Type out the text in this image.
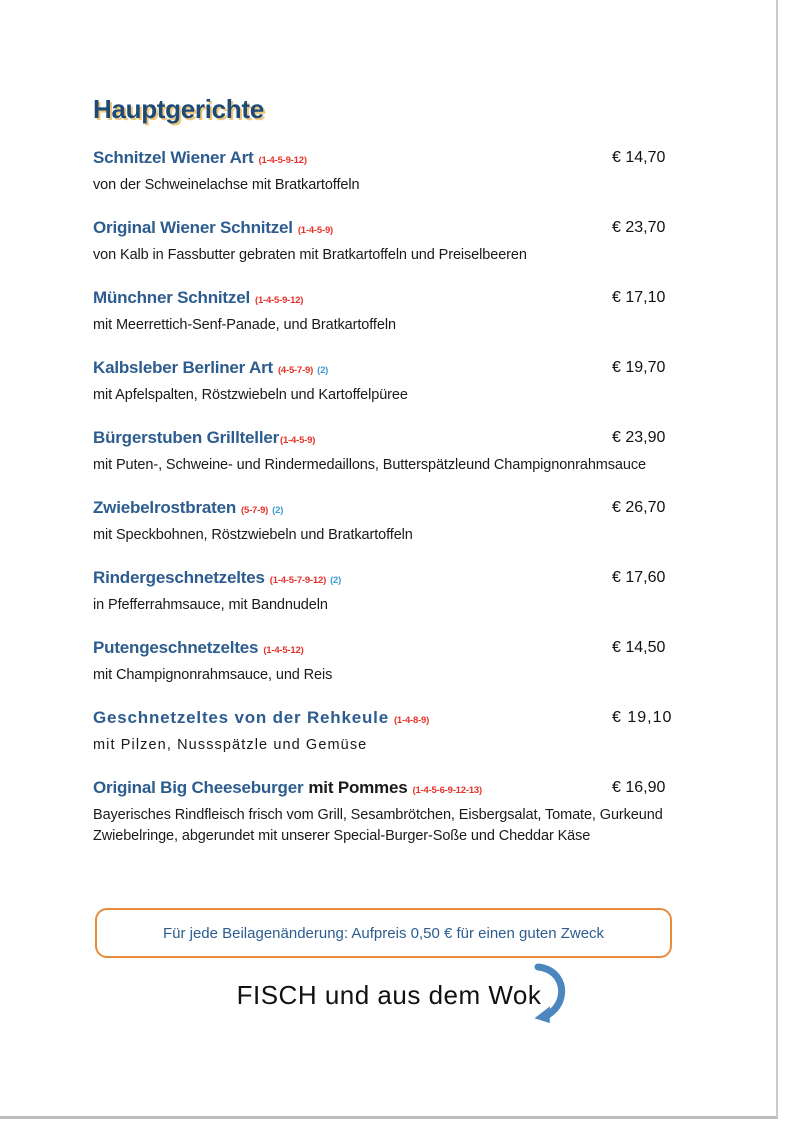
Hauptgerichte
Schnitzel Wiener Art (1-4-5-9-12)	€ 14,70
von der Schweinelachse mit Bratkartoffeln
Original Wiener Schnitzel (1-4-5-9)	€ 23,70
von Kalb in Fassbutter gebraten mit Bratkartoffeln und Preiselbeeren
Münchner Schnitzel (1-4-5-9-12)	€ 17,10
mit Meerrettich-Senf-Panade, und Bratkartoffeln
Kalbsleber Berliner Art (4-5-7-9) (2)	€ 19,70
mit Apfelspalten, Röstzwiebeln und Kartoffelpüree
Bürgerstuben Grillteller(1-4-5-9)	€ 23,90
mit Puten-, Schweine- und Rindermedaillons, Butterspätzleund Champignonrahmsauce
Zwiebelrostbraten (5-7-9) (2)	€ 26,70
mit Speckbohnen, Röstzwiebeln und Bratkartoffeln
Rindergeschnetzeltes (1-4-5-7-9-12) (2)	€ 17,60
in Pfefferrahmsauce, mit Bandnudeln
Putengeschnetzeltes (1-4-5-12)	€ 14,50
mit Champignonrahmsauce, und Reis
Geschnetzeltes von der Rehkeule (1-4-8-9)	€ 19,10
mit Pilzen, Nussspätzle und Gemüse
Original Big Cheeseburger mit Pommes (1-4-5-6-9-12-13)	€ 16,90
Bayerisches Rindfleisch frisch vom Grill, Sesambrötchen, Eisbergsalat, Tomate, Gurkeund Zwiebelringe, abgerundet mit unserer Special-Burger-Soße und Cheddar Käse
Für jede Beilagenänderung: Aufpreis 0,50 € für einen guten Zweck
FISCH und aus dem Wok
